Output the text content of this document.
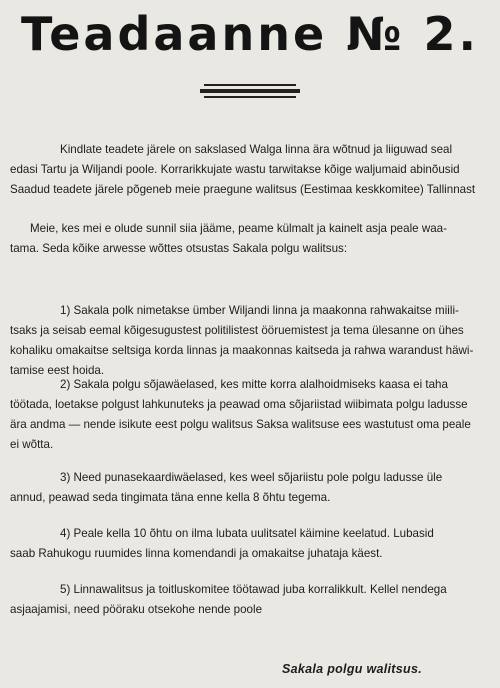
Teadaanne № 2.
Kindlate teadete järele on sakslased Walga linna ära wõtnud ja liiguwad seal
edasi Tartu ja Wiljandi poole. Korrarikkujate wastu tarwitakse kõige waljumaid abinõusid
Saadud teadete järele põgeneb meie praegune walitsus (Eestimaa keskkomitee) Tallinnast
Meie, kes mei e olude sunnil siia jääme, peame külmalt ja kainelt asja peale waa-
tama. Seda kõike arwesse wõttes otsustas Sakala polgu walitsus:
1) Sakala polk nimetakse ümber Wiljandi linna ja maakonna rahwakaitse miili-
tsaks ja seisab eemal kõigesugustest politilistest ööruemistest ja tema ülesanne on ühes
kohaliku omakaitse seltsiga korda linnas ja maakonnas kaitseda ja rahwa warandust häwi-
tamise eest hoida.
2) Sakala polgu sõjawäelased, kes mitte korra alalhoidmiseks kaasa ei taha
töötada, loetakse polgust lahkunuteks ja peawad oma sõjariistad wiibimata polgu ladusse
ära andma — nende isikute eest polgu walitsus Saksa walitsuse ees wastutust oma peale
ei wõtta.
3) Need punasekaardiwäelased, kes weel sõjariistu pole polgu ladusse üle
annud, peawad seda tingimata täna enne kella 8 õhtu tegema.
4) Peale kella 10 õhtu on ilma lubata uulitsatel käimine keelatud. Lubasid
saab Rahukogu ruumides linna komendandi ja omakaitse juhataja käest.
5) Linnawalitsus ja toitluskomitee töötawad juba korralikkult. Kellel nendega
asjaajamisi, need pööraku otsekohe nende poole
Sakala polgu walitsus.
